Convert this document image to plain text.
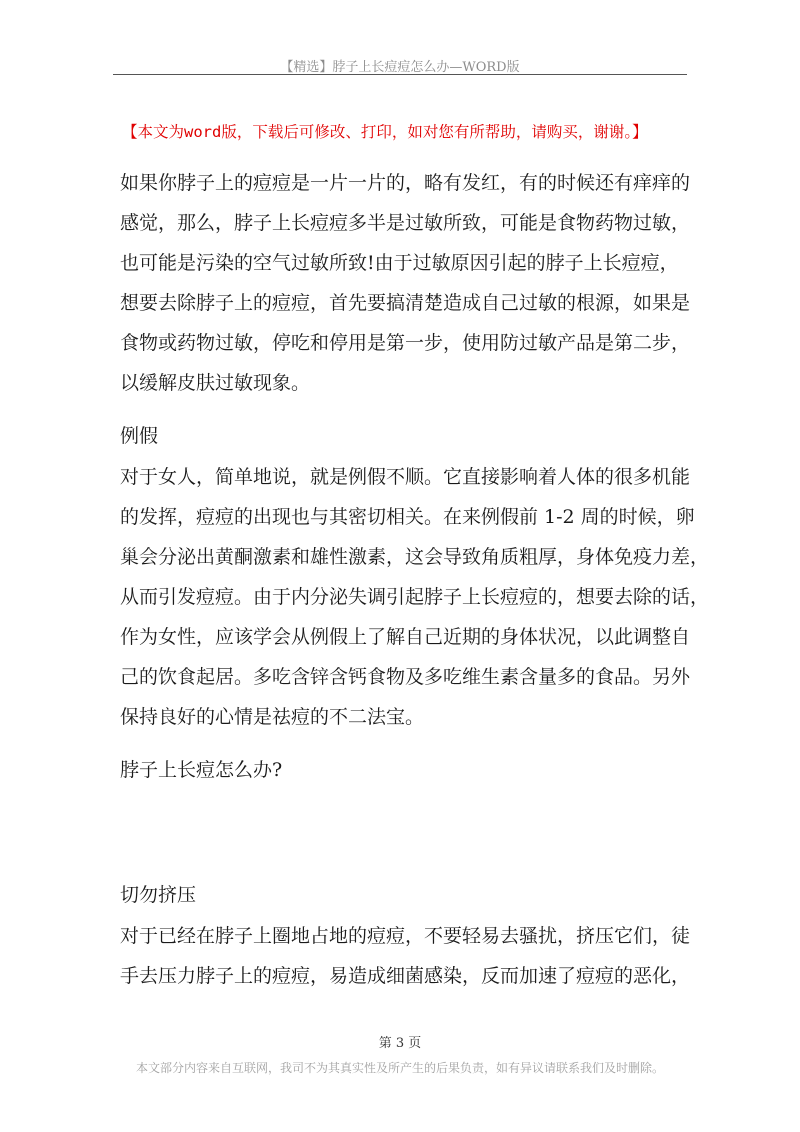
【精选】脖子上长痘痘怎么办—WORD版
【本文为word版，下载后可修改、打印，如对您有所帮助，请购买，谢谢。】
如果你脖子上的痘痘是一片一片的，略有发红，有的时候还有痒痒的
感觉，那么，脖子上长痘痘多半是过敏所致，可能是食物药物过敏，
也可能是污染的空气过敏所致!由于过敏原因引起的脖子上长痘痘，
想要去除脖子上的痘痘，首先要搞清楚造成自己过敏的根源，如果是
食物或药物过敏，停吃和停用是第一步，使用防过敏产品是第二步，
以缓解皮肤过敏现象。
例假
对于女人，简单地说，就是例假不顺。它直接影响着人体的很多机能
的发挥，痘痘的出现也与其密切相关。在来例假前 1-2 周的时候，卵
巢会分泌出黄酮激素和雄性激素，这会导致角质粗厚，身体免疫力差，
从而引发痘痘。由于内分泌失调引起脖子上长痘痘的，想要去除的话，
作为女性，应该学会从例假上了解自己近期的身体状况，以此调整自
己的饮食起居。多吃含锌含钙食物及多吃维生素含量多的食品。另外
保持良好的心情是祛痘的不二法宝。
脖子上长痘怎么办?
切勿挤压
对于已经在脖子上圈地占地的痘痘，不要轻易去骚扰，挤压它们，徒
手去压力脖子上的痘痘，易造成细菌感染，反而加速了痘痘的恶化，
第 3 页
本文部分内容来自互联网，我司不为其真实性及所产生的后果负责，如有异议请联系我们及时删除。
